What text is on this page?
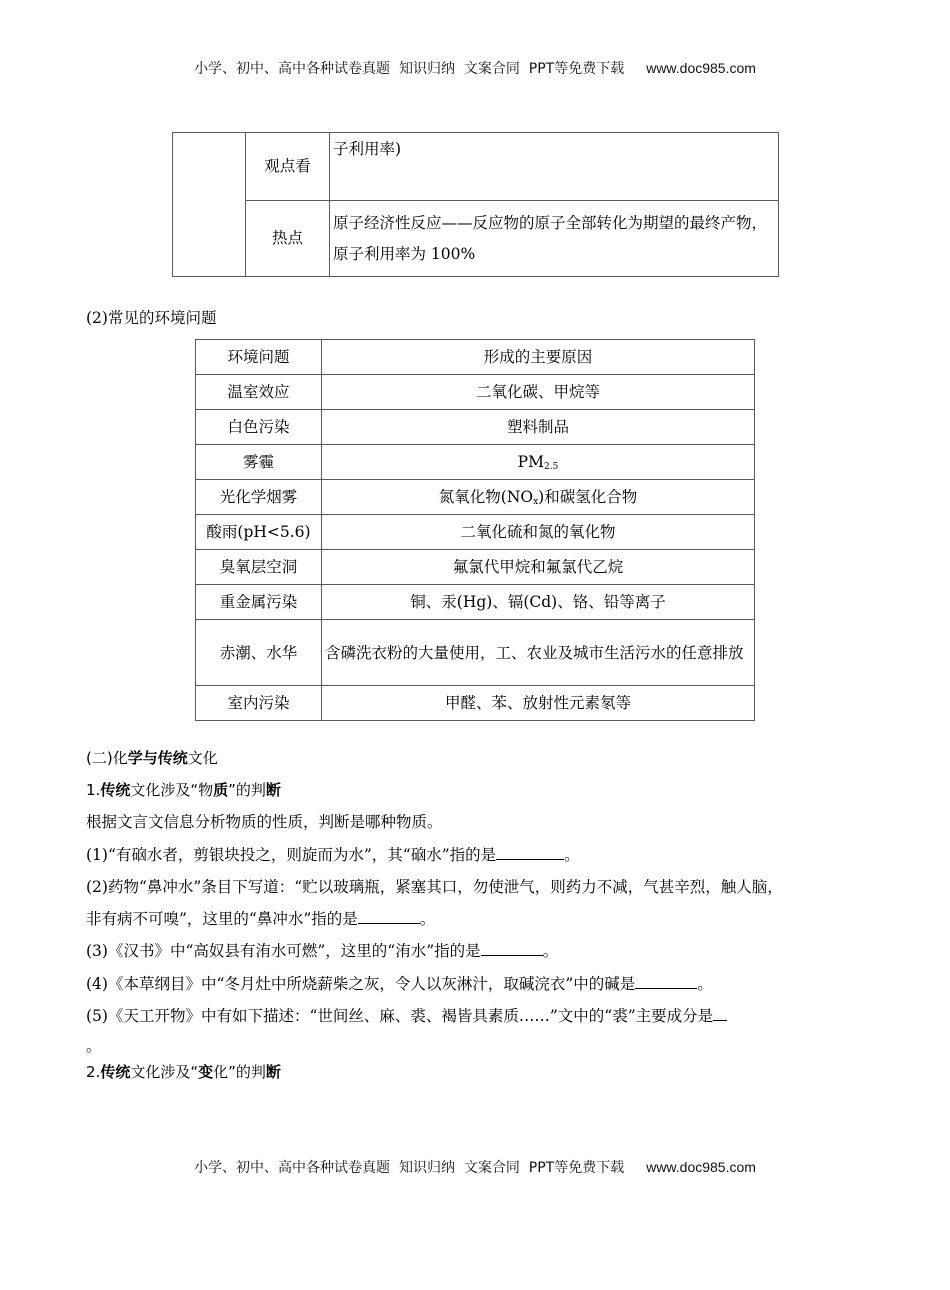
小学、初中、高中各种试卷真题  知识归纳  文案合同  PPT等免费下载 www.doc985.com
	观点看	子利用率)
	热点	原子经济性反应——反应物的原子全部转化为期望的最终产物，原子利用率为 100%
(2)常见的环境问题
环境问题	形成的主要原因
温室效应	二氧化碳、甲烷等
白色污染	塑料制品
雾霾	$PM_{2.5}$
光化学烟雾	氮氧化物$(NO_x)$和碳氢化合物
酸雨(pH<5.6)	二氧化硫和氮的氧化物
臭氧层空洞	氟氯代甲烷和氟氯代乙烷
重金属污染	铜、汞(Hg)、镉(Cd)、铬、铅等离子
赤潮、水华	含磷洗衣粉的大量使用，工、农业及城市生活污水的任意排放
室内污染	甲醛、苯、放射性元素氡等
(二)化学与传统文化
1.传统文化涉及“物质”的判断
根据文言文信息分析物质的性质，判断是哪种物质。
(1)“有硇水者，剪银块投之，则旋而为水”，其“硇水”指的是	。
(2)药物“鼻冲水”条目下写道：“贮以玻璃瓶，紧塞其口，勿使泄气，则药力不减，气甚辛烈，触人脑，
非有病不可嗅”，这里的“鼻冲水”指的是	。
(3)《汉书》中“高奴县有洧水可燃”，这里的“洧水”指的是	。
(4)《本草纲目》中“冬月灶中所烧薪柴之灰，令人以灰淋汁，取碱浣衣”中的碱是	。
(5)《天工开物》中有如下描述：“世间丝、麻、裘、褐皆具素质……”文中的“裘”主要成分是
。
2.传统文化涉及“变化”的判断
小学、初中、高中各种试卷真题  知识归纳  文案合同  PPT等免费下载 www.doc985.com
